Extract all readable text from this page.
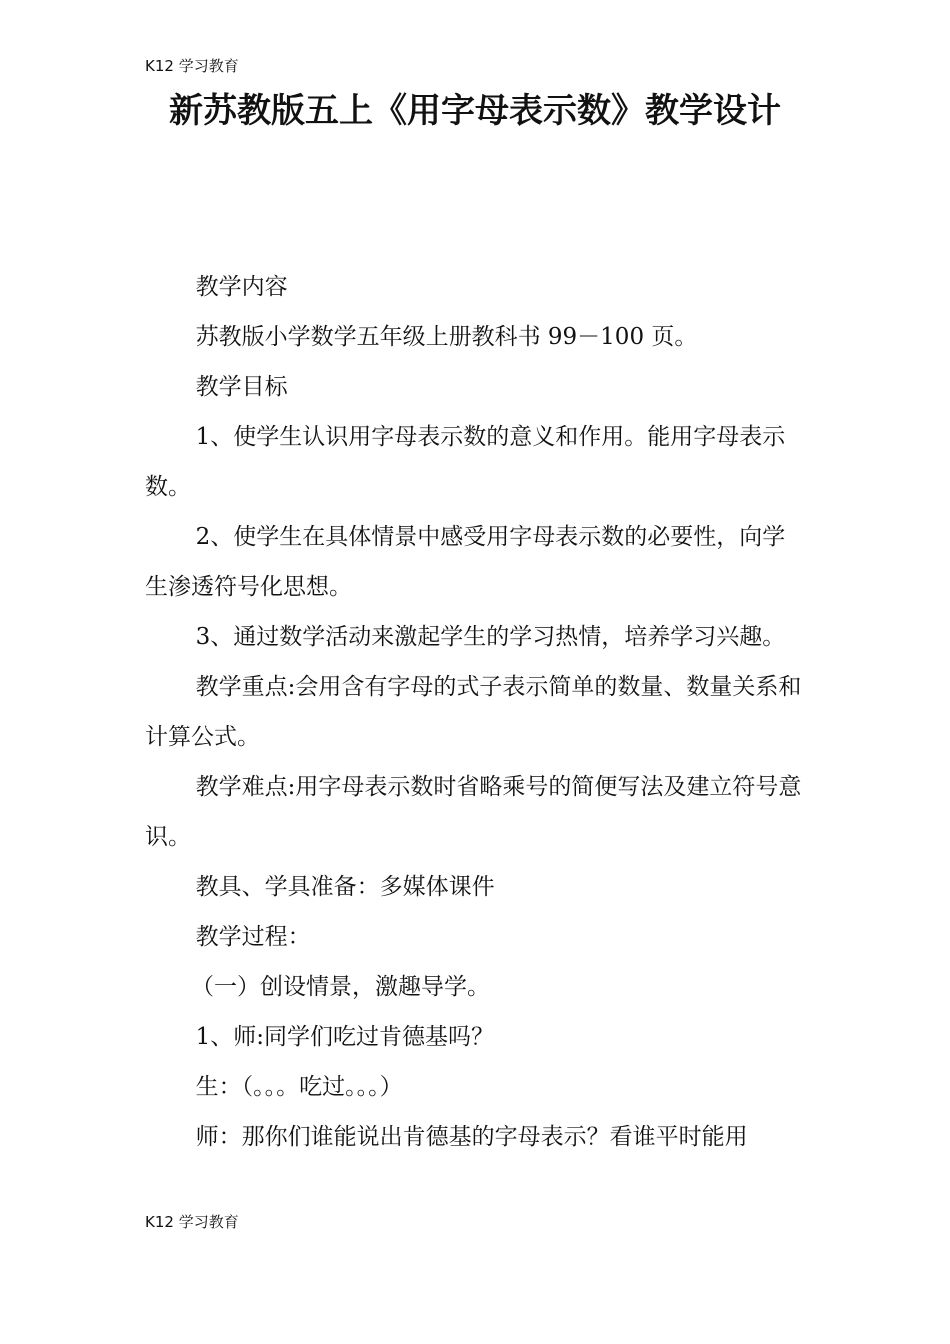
K12 学习教育
新苏教版五上《用字母表示数》教学设计

教学内容

苏教版小学数学五年级上册教科书 99－100 页。

教学目标

1、使学生认识用字母表示数的意义和作用。能用字母表示数。

2、使学生在具体情景中感受用字母表示数的必要性，向学生渗透符号化思想。

3、通过数学活动来激起学生的学习热情，培养学习兴趣。

教学重点:会用含有字母的式子表示简单的数量、数量关系和计算公式。

教学难点:用字母表示数时省略乘号的简便写法及建立符号意识。

教具、学具准备：多媒体课件

教学过程：

（一）创设情景，激趣导学。

1、师:同学们吃过肯德基吗？

生：（。。。吃过。。。）

师：那你们谁能说出肯德基的字母表示？看谁平时能用

K12 学习教育
